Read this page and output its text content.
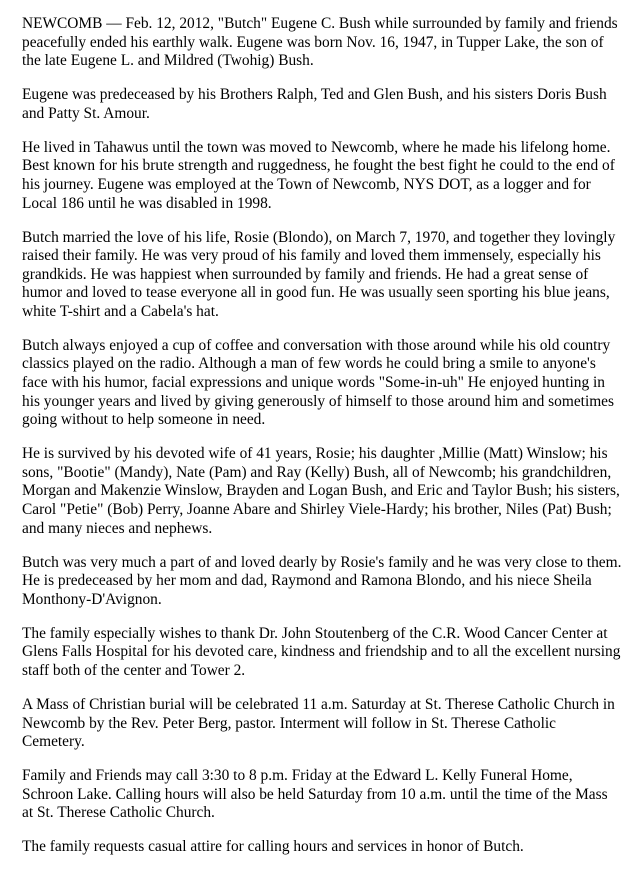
NEWCOMB — Feb. 12, 2012, "Butch" Eugene C. Bush while surrounded by family and friends peacefully ended his earthly walk. Eugene was born Nov. 16, 1947, in Tupper Lake, the son of the late Eugene L. and Mildred (Twohig) Bush.

Eugene was predeceased by his Brothers Ralph, Ted and Glen Bush, and his sisters Doris Bush and Patty St. Amour.

He lived in Tahawus until the town was moved to Newcomb, where he made his lifelong home. Best known for his brute strength and ruggedness, he fought the best fight he could to the end of his journey. Eugene was employed at the Town of Newcomb, NYS DOT, as a logger and for Local 186 until he was disabled in 1998.

Butch married the love of his life, Rosie (Blondo), on March 7, 1970, and together they lovingly raised their family. He was very proud of his family and loved them immensely, especially his grandkids. He was happiest when surrounded by family and friends. He had a great sense of humor and loved to tease everyone all in good fun. He was usually seen sporting his blue jeans, white T-shirt and a Cabela's hat.

Butch always enjoyed a cup of coffee and conversation with those around while his old country classics played on the radio. Although a man of few words he could bring a smile to anyone's face with his humor, facial expressions and unique words "Some-in-uh" He enjoyed hunting in his younger years and lived by giving generously of himself to those around him and sometimes going without to help someone in need.

He is survived by his devoted wife of 41 years, Rosie; his daughter ,Millie (Matt) Winslow; his sons, "Bootie" (Mandy), Nate (Pam) and Ray (Kelly) Bush, all of Newcomb; his grandchildren, Morgan and Makenzie Winslow, Brayden and Logan Bush, and Eric and Taylor Bush; his sisters, Carol "Petie" (Bob) Perry, Joanne Abare and Shirley Viele-Hardy; his brother, Niles (Pat) Bush; and many nieces and nephews.

Butch was very much a part of and loved dearly by Rosie's family and he was very close to them. He is predeceased by her mom and dad, Raymond and Ramona Blondo, and his niece Sheila Monthony-D'Avignon.

The family especially wishes to thank Dr. John Stoutenberg of the C.R. Wood Cancer Center at Glens Falls Hospital for his devoted care, kindness and friendship and to all the excellent nursing staff both of the center and Tower 2.

A Mass of Christian burial will be celebrated 11 a.m. Saturday at St. Therese Catholic Church in Newcomb by the Rev. Peter Berg, pastor. Interment will follow in St. Therese Catholic Cemetery.

Family and Friends may call 3:30 to 8 p.m. Friday at the Edward L. Kelly Funeral Home, Schroon Lake. Calling hours will also be held Saturday from 10 a.m. until the time of the Mass at St. Therese Catholic Church.

The family requests casual attire for calling hours and services in honor of Butch.
